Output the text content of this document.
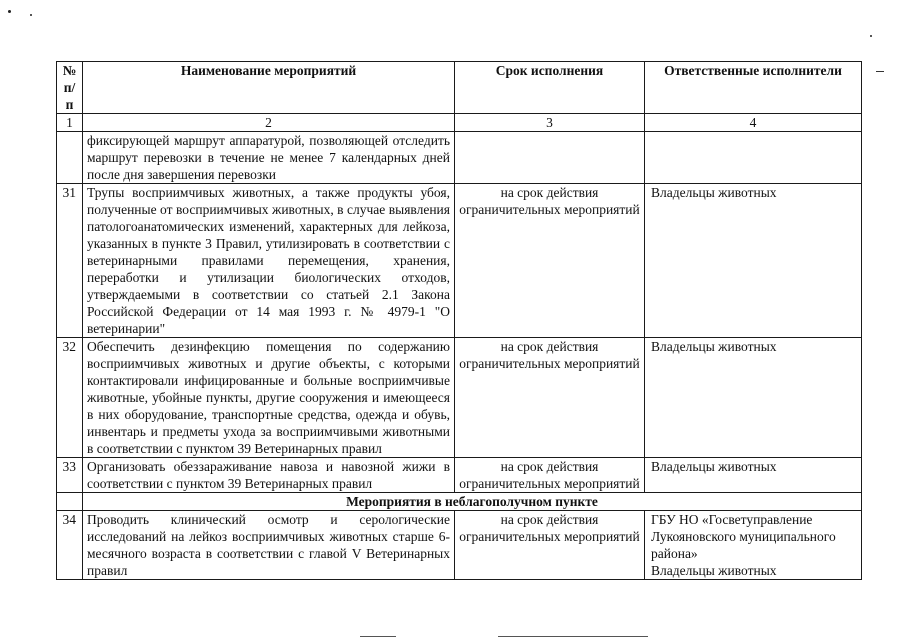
№ п/п	Наименование мероприятий	Срок исполнения	Ответственные исполнители
1	2	3	4
	фиксирующей маршрут аппаратурой, позволяющей отследить маршрут перевозки в течение не менее 7 календарных дней после дня завершения перевозки		
31	Трупы восприимчивых животных, а также продукты убоя, полученные от восприимчивых животных, в случае выявления патологоанатомических изменений, характерных для лейкоза, указанных в пункте 3 Правил, утилизировать в соответствии с ветеринарными правилами перемещения, хранения, переработки и утилизации биологических отходов, утверждаемыми в соответствии со статьей 2.1 Закона Российской Федерации от 14 мая 1993 г. № 4979-1 "О ветеринарии"	на срок действия ограничительных мероприятий	Владельцы животных
32	Обеспечить дезинфекцию помещения по содержанию восприимчивых животных и другие объекты, с которыми контактировали инфицированные и больные восприимчивые животные, убойные пункты, другие сооружения и имеющееся в них оборудование, транспортные средства, одежда и обувь, инвентарь и предметы ухода за восприимчивыми животными в соответствии с пунктом 39 Ветеринарных правил	на срок действия ограничительных мероприятий	Владельцы животных
33	Организовать обеззараживание навоза и навозной жижи в соответствии с пунктом 39 Ветеринарных правил	на срок действия ограничительных мероприятий	Владельцы животных
	Мероприятия в неблагополучном пункте		
34	Проводить клинический осмотр и серологические исследований на лейкоз восприимчивых животных старше 6-месячного возраста в соответствии с главой V Ветеринарных правил	на срок действия ограничительных мероприятий	ГБУ НО «Госветуправление Лукояновского муниципального района»
Владельцы животных
